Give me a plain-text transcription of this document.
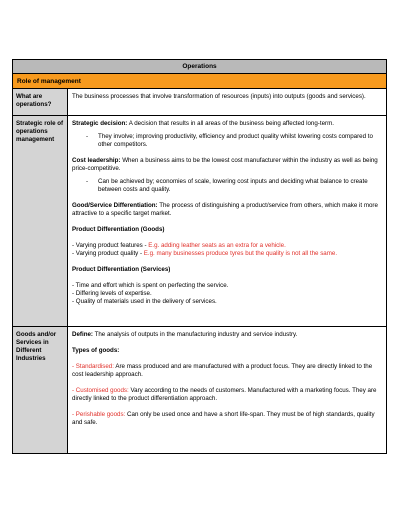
Operations
Role of management
What are operations?

The business processes that involve transformation of resources (inputs) into outputs (goods and services).

Strategic role of operations management

Strategic decision: A decision that results in all areas of the business being affected long-term.

-	They involve; improving productivity, efficiency and product quality whilst lowering costs compared to other competitors.

Cost leadership: When a business aims to be the lowest cost manufacturer within the industry as well as being price-competitive.

-	Can be achieved by; economies of scale, lowering cost inputs and deciding what balance to create between costs and quality.

Good/Service Differentiation: The process of distinguishing a product/service from others, which make it more attractive to a specific target market.

Product Differentiation (Goods)

- Varying product features - E.g. adding leather seats as an extra for a vehicle.

- Varying product quality - E.g. many businesses produce tyres but the quality is not all the same.

Product Differentiation (Services)

- Time and effort which is spent on perfecting the service.

- Differing levels of expertise.

- Quality of materials used in the delivery of services.

Goods and/or Services in Different Industries

Define: The analysis of outputs in the manufacturing industry and service industry.

Types of goods:

- Standardised: Are mass produced and are manufactured with a product focus. They are directly linked to the cost leadership approach.

- Customised goods: Vary according to the needs of customers. Manufactured with a marketing focus. They are directly linked to the product differentiation approach.

- Perishable goods: Can only be used once and have a short life-span. They must be of high standards, quality and safe.
